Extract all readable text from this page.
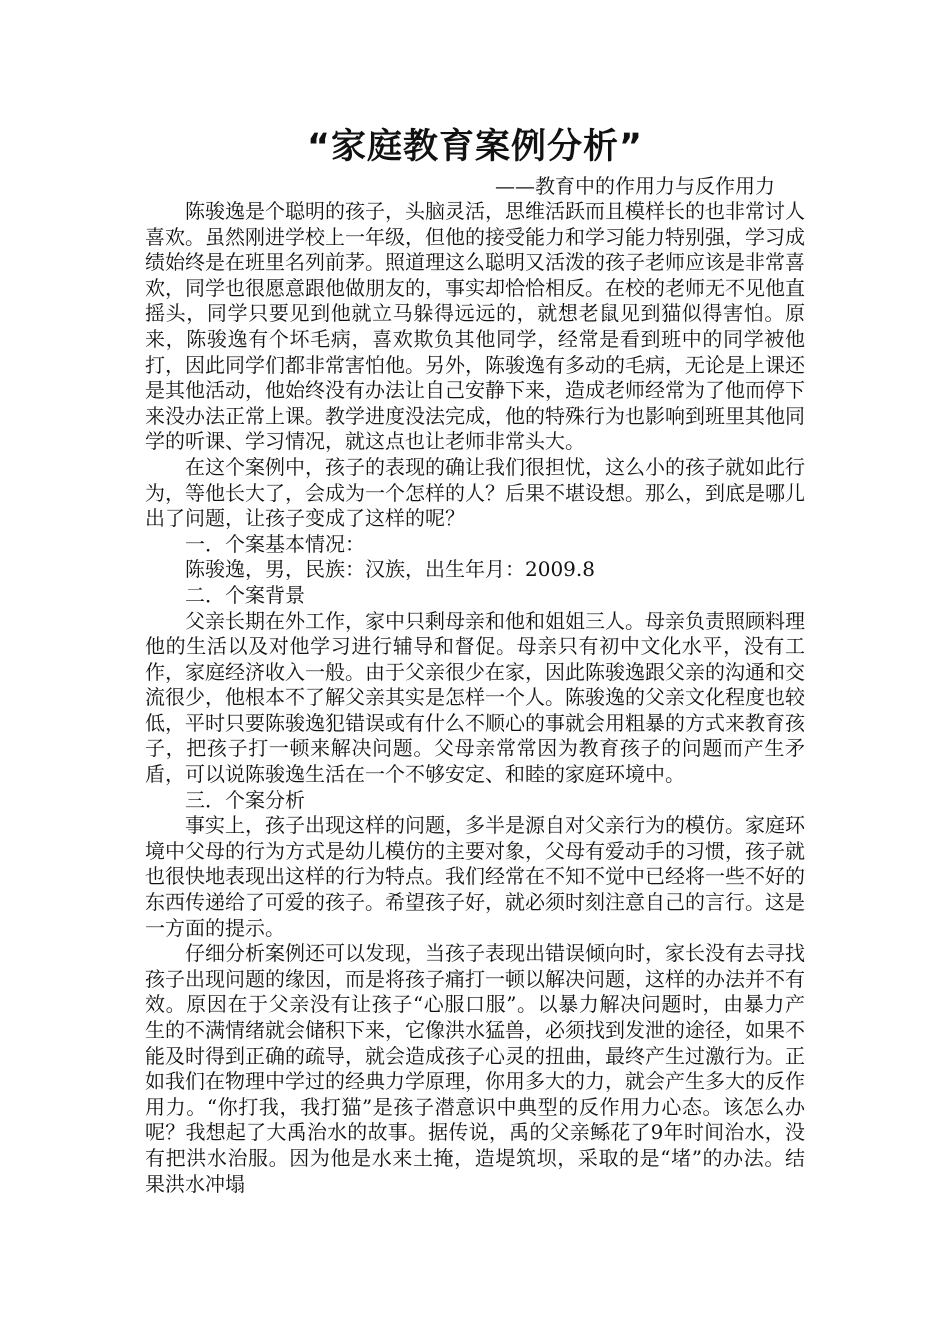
“家庭教育案例分析”

——教育中的作用力与反作用力

陈骏逸是个聪明的孩子，头脑灵活，思维活跃而且模样长的也非常讨人喜欢。虽然刚进学校上一年级，但他的接受能力和学习能力特别强，学习成绩始终是在班里名列前茅。照道理这么聪明又活泼的孩子老师应该是非常喜欢，同学也很愿意跟他做朋友的，事实却恰恰相反。在校的老师无不见他直摇头，同学只要见到他就立马躲得远远的，就想老鼠见到猫似得害怕。原来，陈骏逸有个坏毛病，喜欢欺负其他同学，经常是看到班中的同学被他打，因此同学们都非常害怕他。另外，陈骏逸有多动的毛病，无论是上课还是其他活动，他始终没有办法让自己安静下来，造成老师经常为了他而停下来没办法正常上课。教学进度没法完成，他的特殊行为也影响到班里其他同学的听课、学习情况，就这点也让老师非常头大。

在这个案例中，孩子的表现的确让我们很担忧，这么小的孩子就如此行为，等他长大了，会成为一个怎样的人？后果不堪设想。那么，到底是哪儿出了问题，让孩子变成了这样的呢？

一．个案基本情况：

陈骏逸，男，民族：汉族，出生年月：2009.8

二．个案背景

父亲长期在外工作，家中只剩母亲和他和姐姐三人。母亲负责照顾料理他的生活以及对他学习进行辅导和督促。母亲只有初中文化水平，没有工作，家庭经济收入一般。由于父亲很少在家，因此陈骏逸跟父亲的沟通和交流很少，他根本不了解父亲其实是怎样一个人。陈骏逸的父亲文化程度也较低，平时只要陈骏逸犯错误或有什么不顺心的事就会用粗暴的方式来教育孩子，把孩子打一顿来解决问题。父母亲常常因为教育孩子的问题而产生矛盾，可以说陈骏逸生活在一个不够安定、和睦的家庭环境中。

三．个案分析

事实上，孩子出现这样的问题，多半是源自对父亲行为的模仿。家庭环境中父母的行为方式是幼儿模仿的主要对象，父母有爱动手的习惯，孩子就也很快地表现出这样的行为特点。我们经常在不知不觉中已经将一些不好的东西传递给了可爱的孩子。希望孩子好，就必须时刻注意自己的言行。这是一方面的提示。

仔细分析案例还可以发现，当孩子表现出错误倾向时，家长没有去寻找孩子出现问题的缘因，而是将孩子痛打一顿以解决问题，这样的办法并不有效。原因在于父亲没有让孩子“心服口服”。以暴力解决问题时，由暴力产生的不满情绪就会储积下来，它像洪水猛兽，必须找到发泄的途径，如果不能及时得到正确的疏导，就会造成孩子心灵的扭曲，最终产生过激行为。正如我们在物理中学过的经典力学原理，你用多大的力，就会产生多大的反作用力。“你打我，我打猫”是孩子潜意识中典型的反作用力心态。该怎么办呢？我想起了大禹治水的故事。据传说，禹的父亲鲧花了9年时间治水，没有把洪水治服。因为他是水来土掩，造堤筑坝，采取的是“堵”的办法。结果洪水冲塌
